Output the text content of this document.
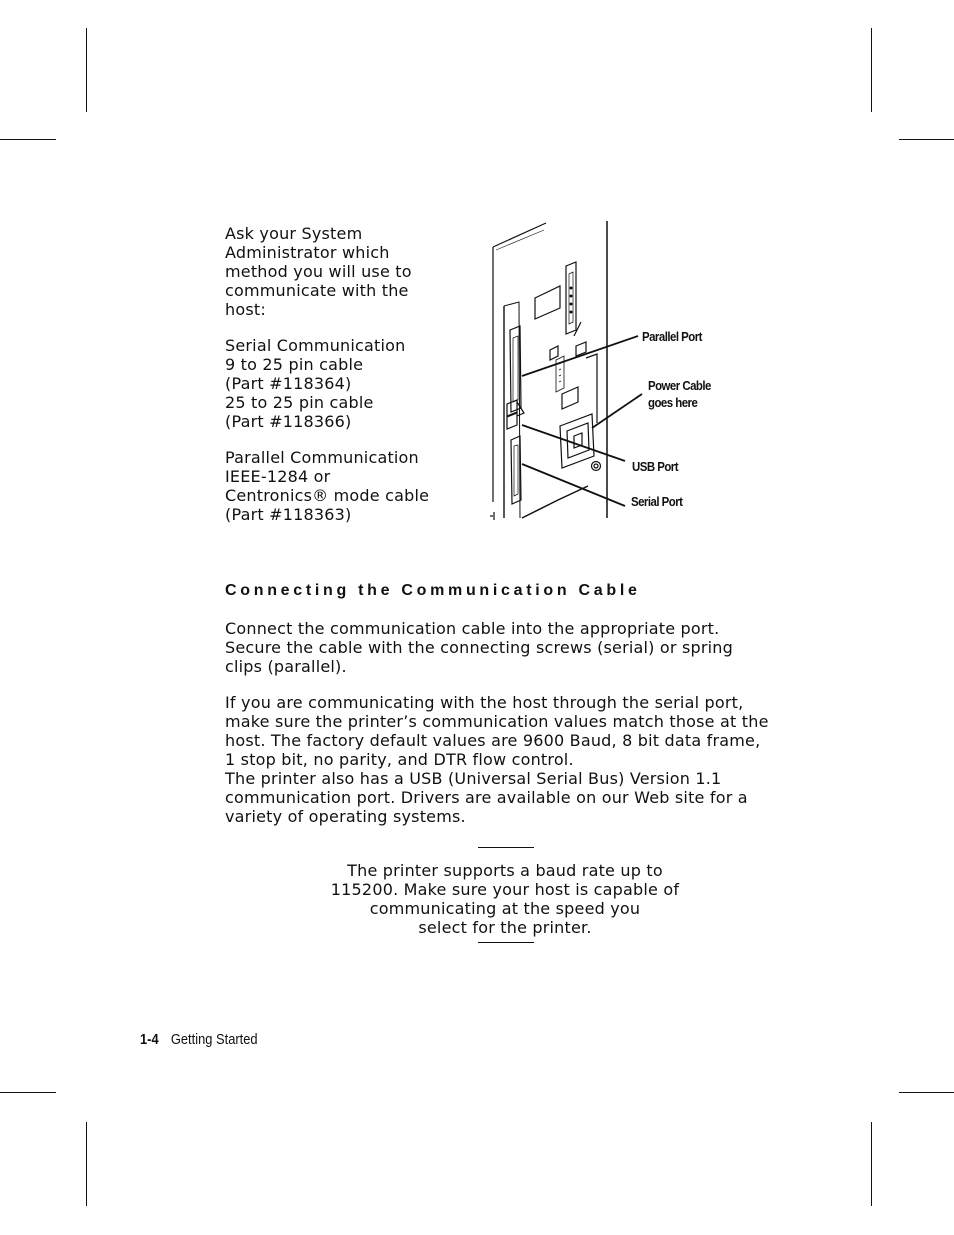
Ask your System
Administrator which
method you will use to
communicate with the
host:

Serial Communication
9 to 25 pin cable
(Part #118364)
25 to 25 pin cable
(Part #118366)

Parallel Communication
IEEE-1284 or
Centronics® mode cable
(Part #118363)

Parallel Port
Power Cable
goes here
USB Port
Serial Port
Connecting the Communication Cable

Connect the communication cable into the appropriate port.
Secure the cable with the connecting screws (serial) or spring
clips (parallel).

If you are communicating with the host through the serial port,
make sure the printer’s communication values match those at the
host. The factory default values are 9600 Baud, 8 bit data frame,
1 stop bit, no parity, and DTR flow control.
The printer also has a USB (Universal Serial Bus) Version 1.1
communication port. Drivers are available on our Web site for a
variety of operating systems.

The printer supports a baud rate up to
115200. Make sure your host is capable of
communicating at the speed you
select for the printer.

1-4 Getting Started
